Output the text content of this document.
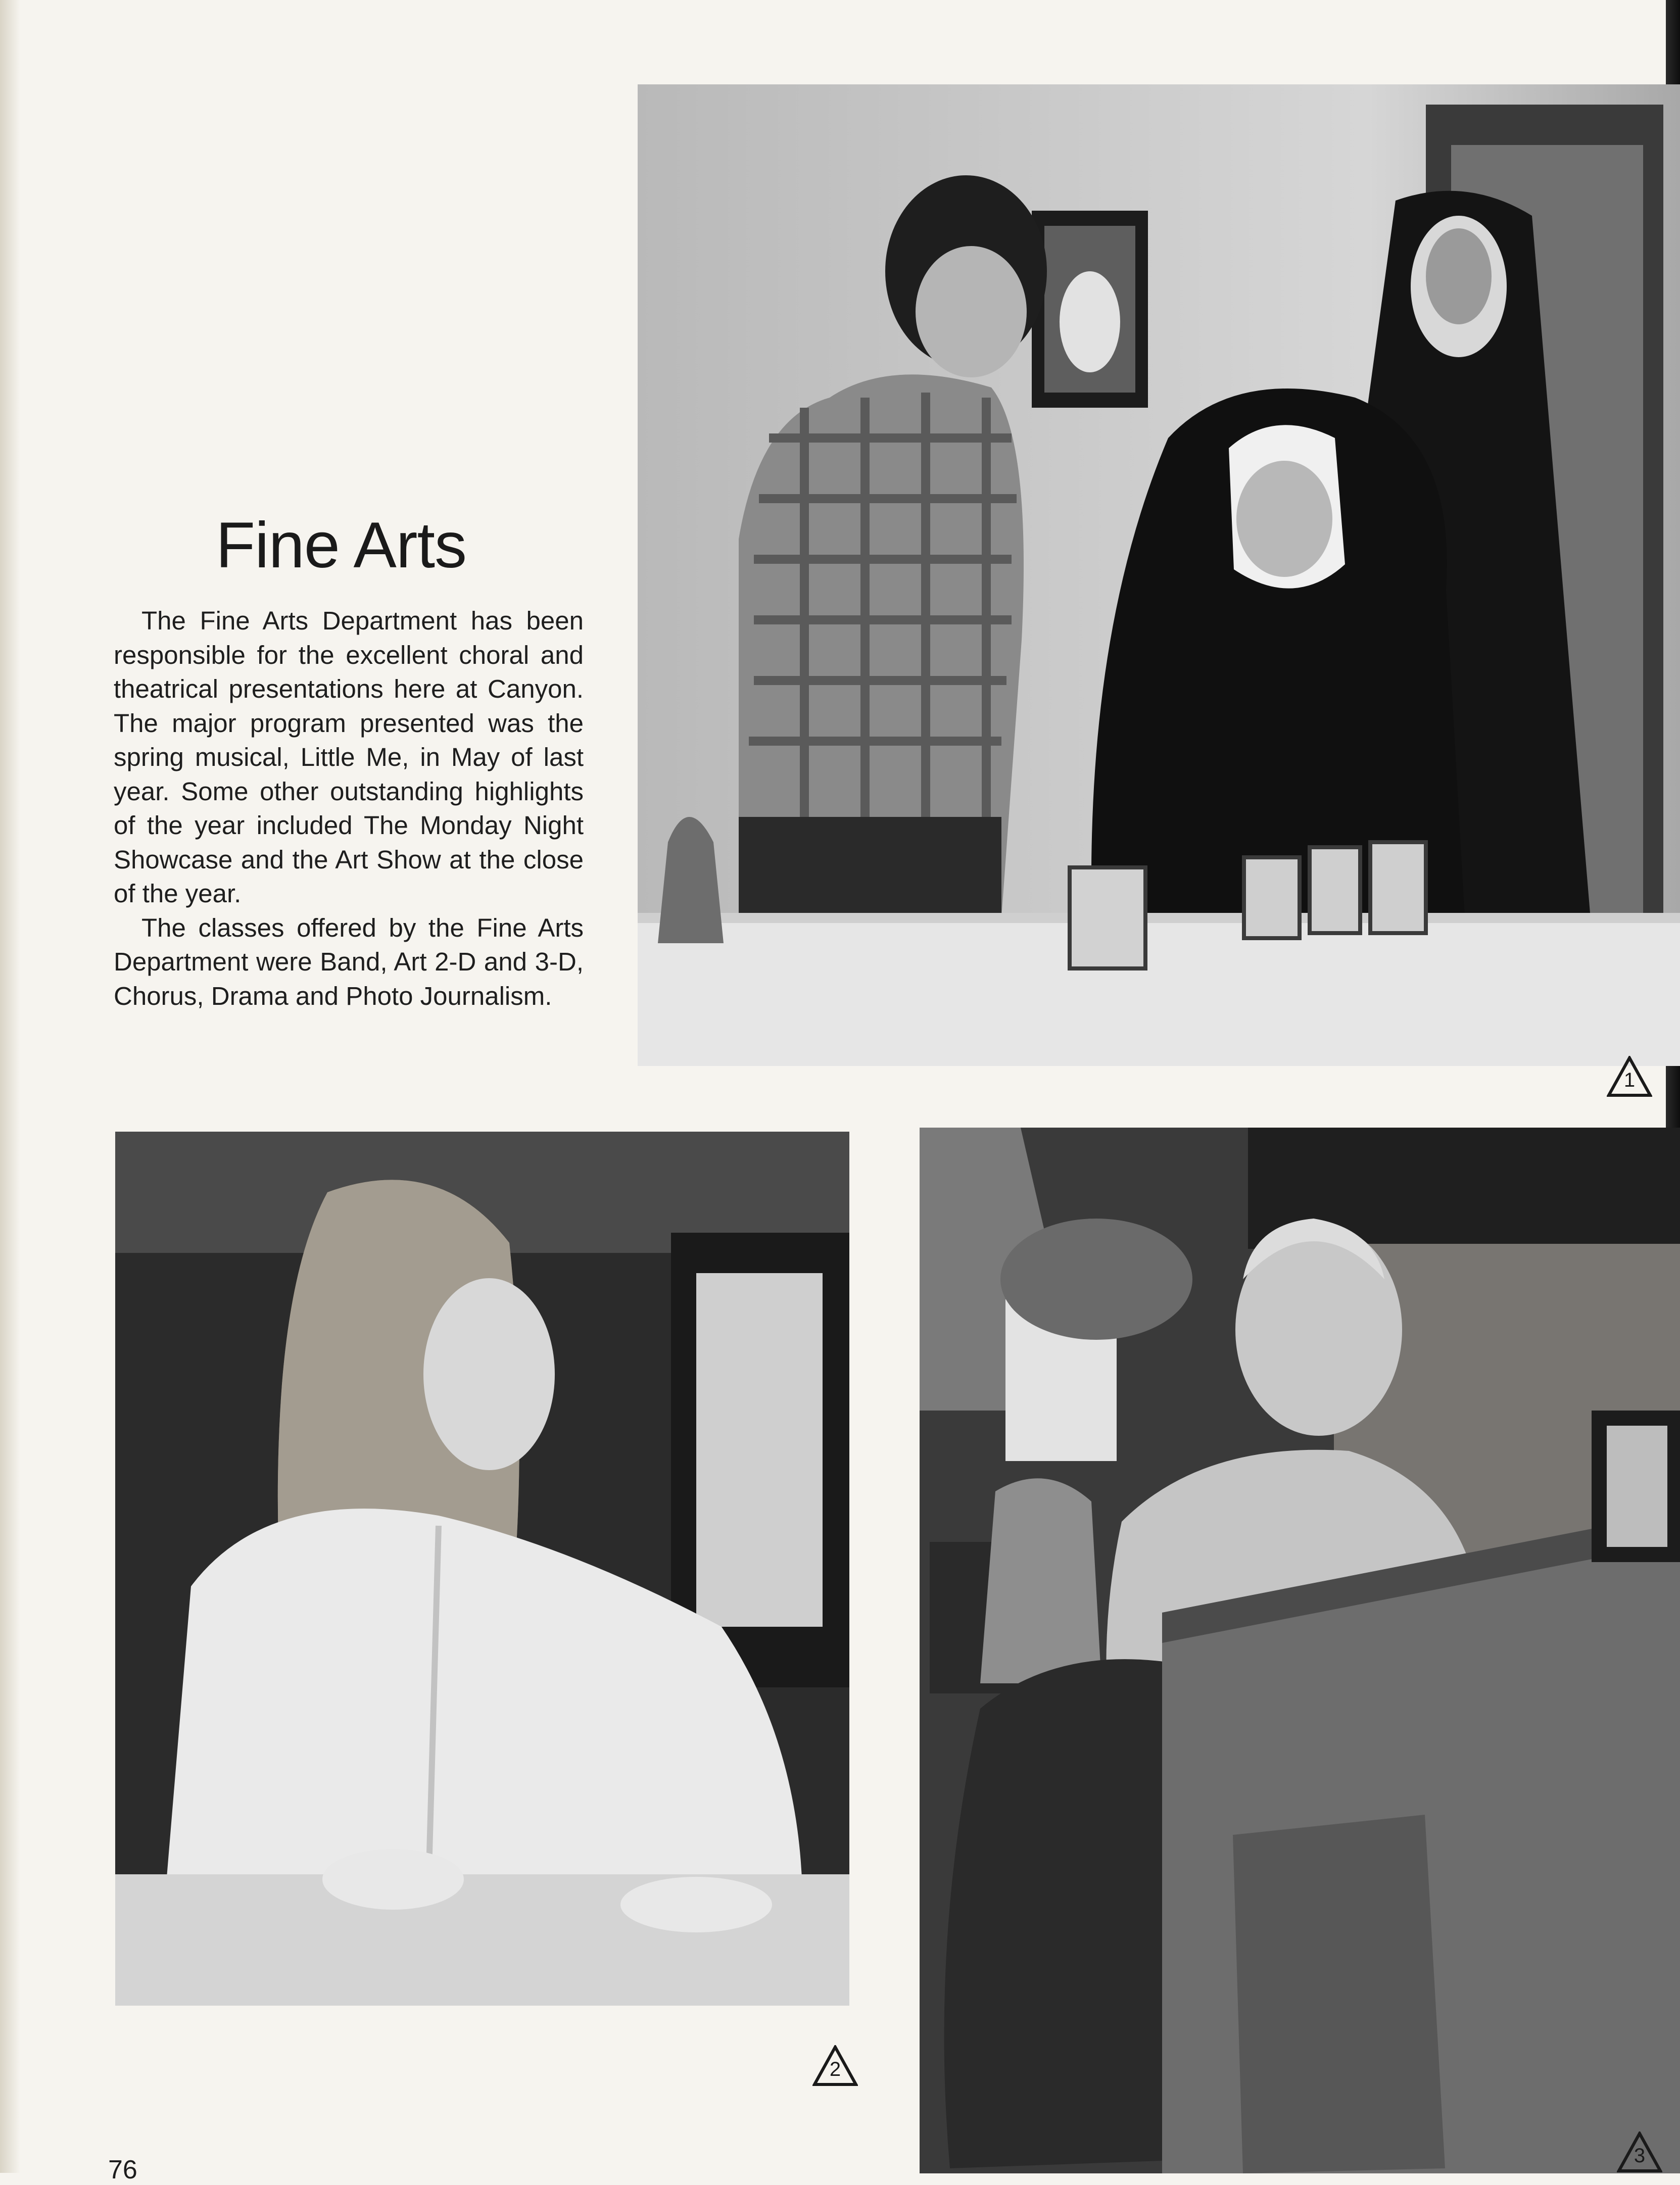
Fine Arts

The Fine Arts Department has been responsible for the excellent choral and theatrical presentations here at Canyon. The major program presented was the spring musical, Little Me, in May of last year. Some other outstanding highlights of the year included The Monday Night Showcase and the Art Show at the close of the year.

The classes offered by the Fine Arts Department were Band, Art 2-D and 3-D, Chorus, Drama and Photo Journalism.

1
2
3
76
